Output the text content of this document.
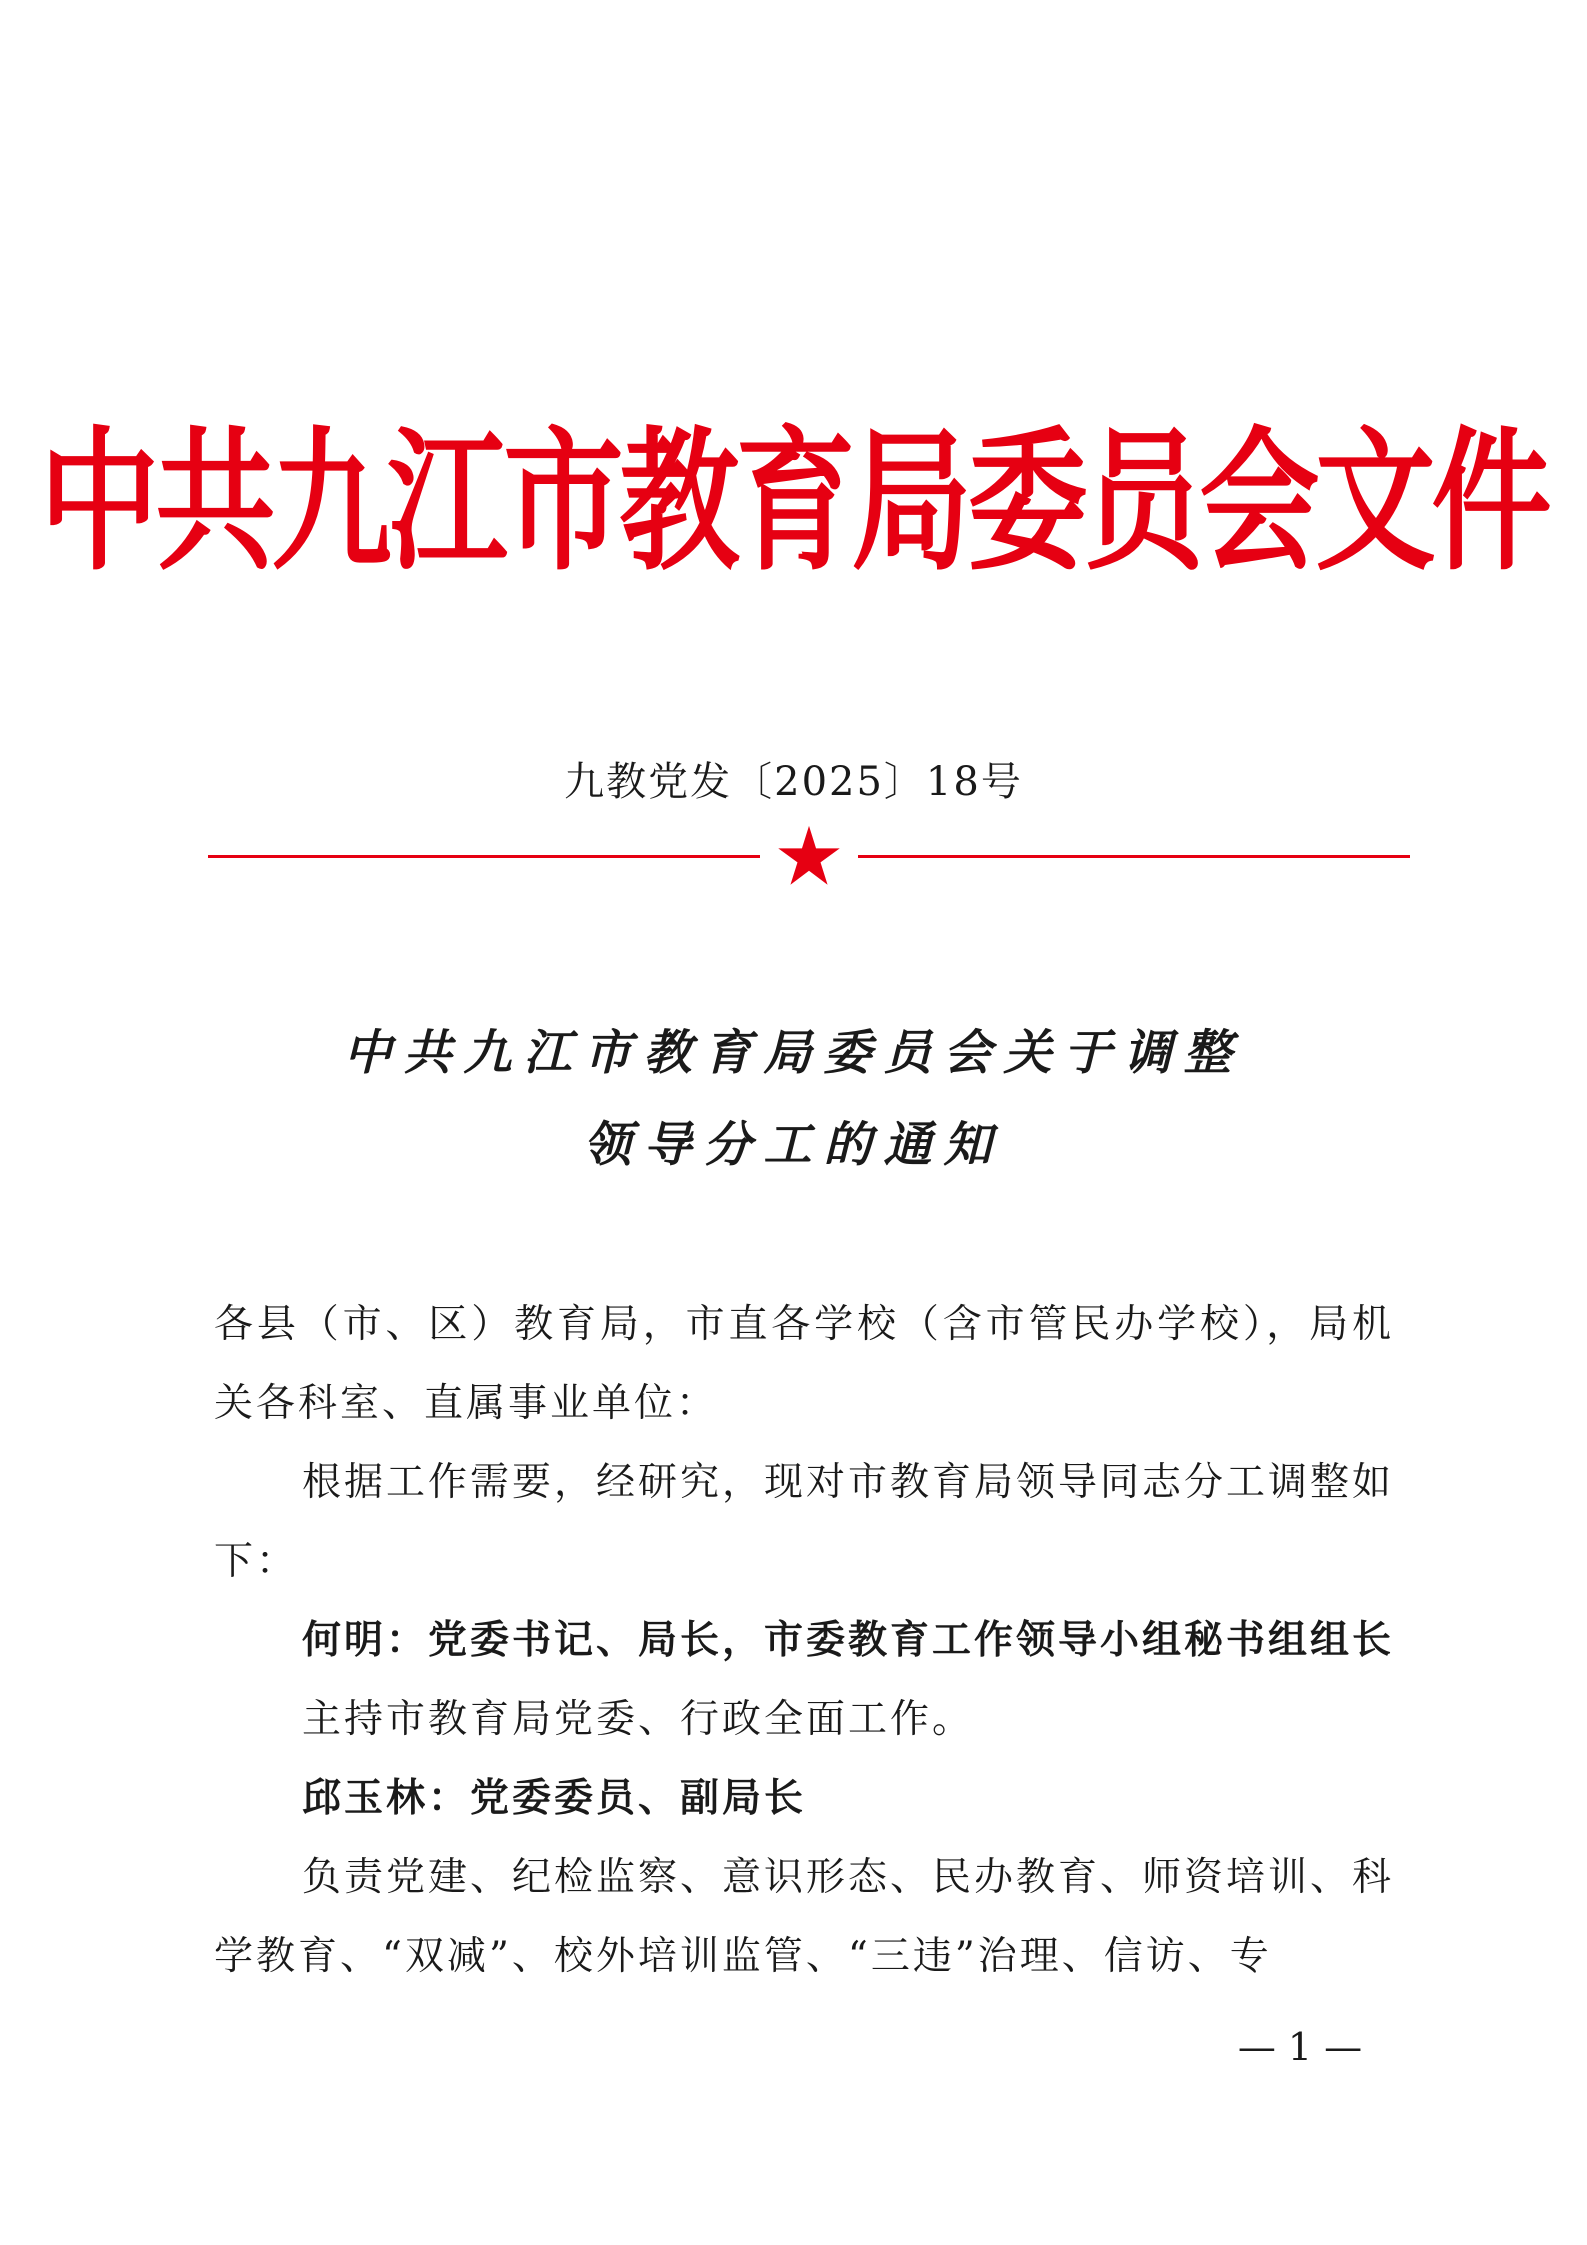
中共九江市教育局委员会文件
九教党发〔2025〕18号
中共九江市教育局委员会关于调整
领导分工的通知

各县（市、区）教育局，市直各学校（含市管民办学校），局机关各科室、直属事业单位：

根据工作需要，经研究，现对市教育局领导同志分工调整如下：

何明：党委书记、局长，市委教育工作领导小组秘书组组长

主持市教育局党委、行政全面工作。

邱玉林：党委委员、副局长

负责党建、纪检监察、意识形态、民办教育、师资培训、科学教育、“双减”、校外培训监管、“三违”治理、信访、专

— 1 —
